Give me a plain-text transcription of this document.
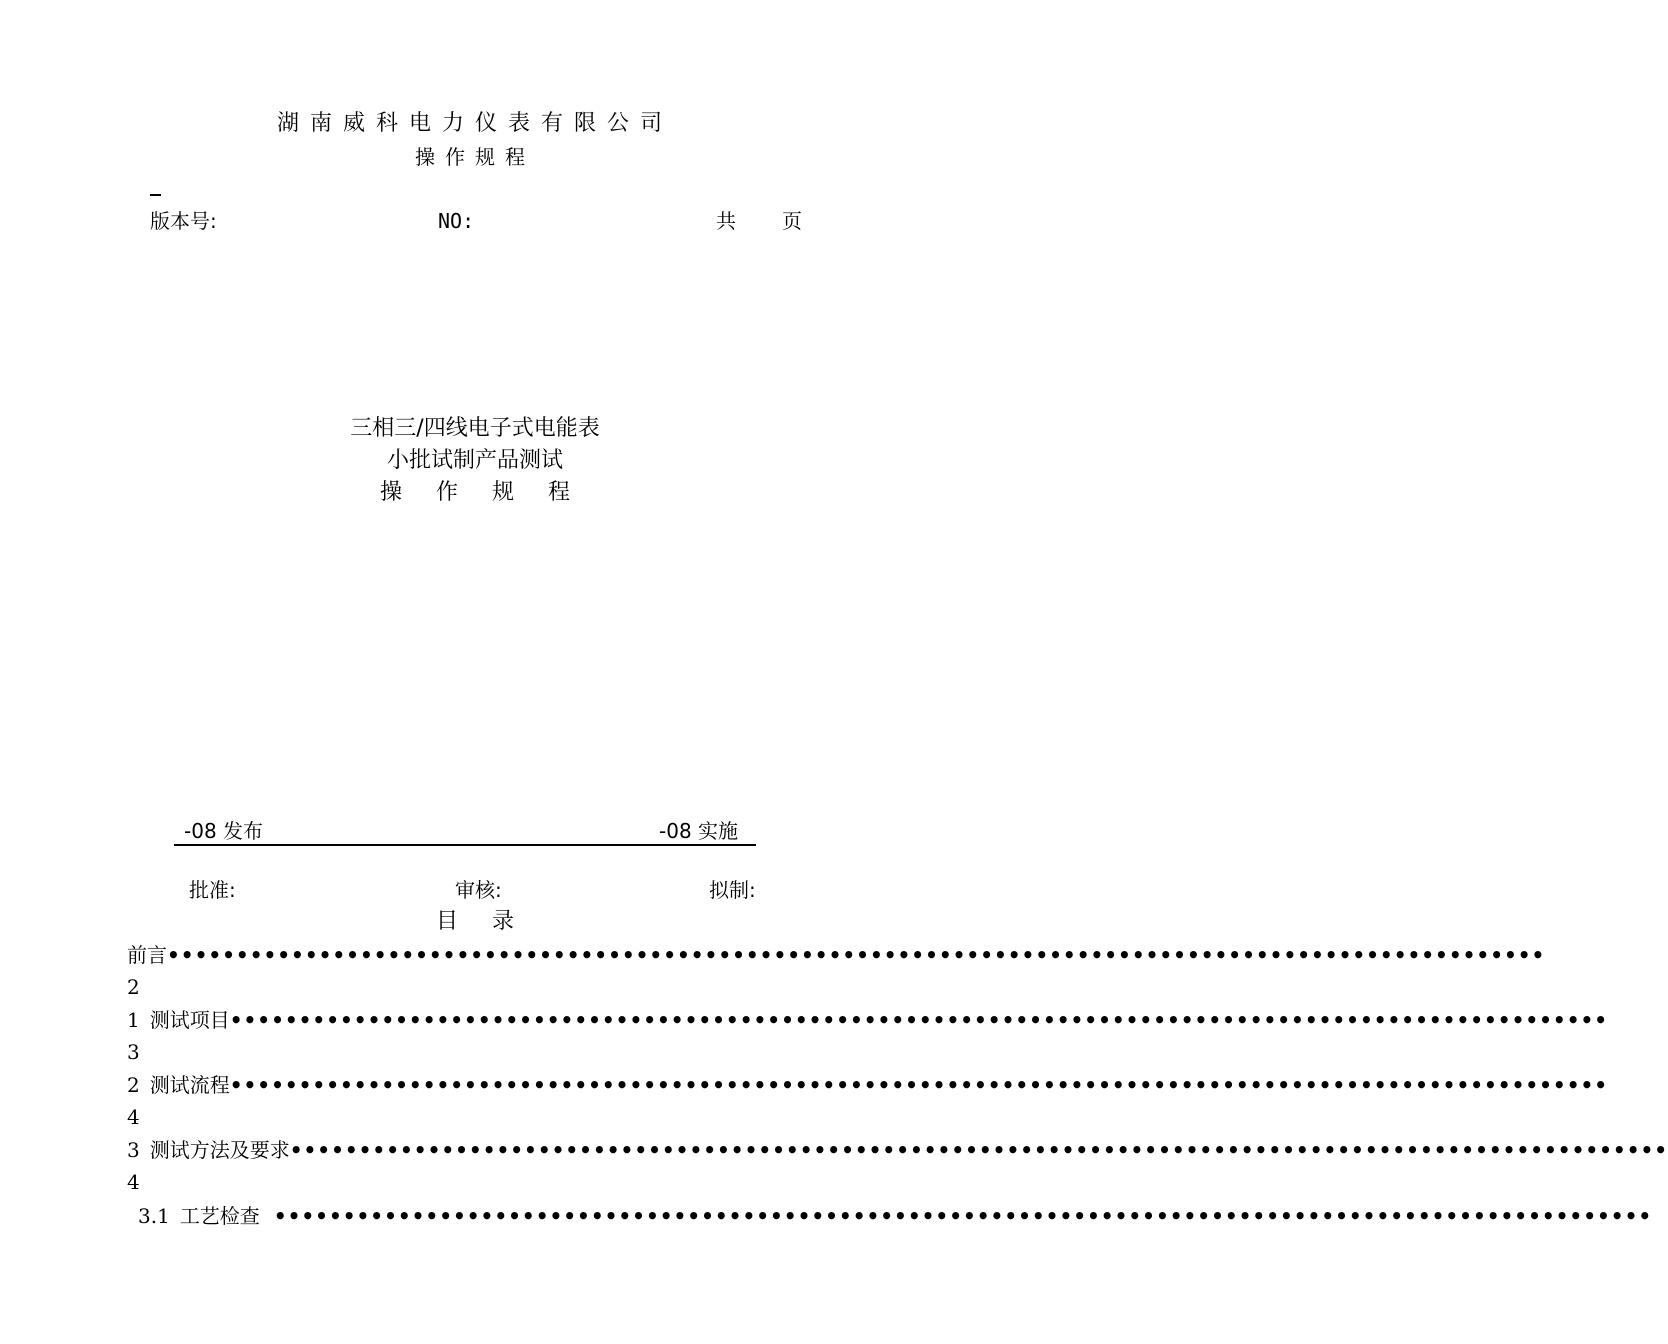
湖南威科电力仪表有限公司
操作规程
版本号:	NO:	共 页
三相三/四线电子式电能表
小批试制产品测试
操作规程
-08 发布	-08 实施
批准:	审核:	拟制:
目录
前言 ••••••••••••••••••••••••••••••••••••••••••••••••••••••••••••••••••••••••••••••••••••••••••••••••••••
2
1 测试项目 ••••••••••••••••••••••••••••••••••••••••••••••••••••••••••••••••••••••••••••••••••••••••••••••••••••
3
2 测试流程 ••••••••••••••••••••••••••••••••••••••••••••••••••••••••••••••••••••••••••••••••••••••••••••••••••••
4
3 测试方法及要求 ••••••••••••••••••••••••••••••••••••••••••••••••••••••••••••••••••••••••••••••••••••••••••••••••••••
4
3.1 工艺检查 ••••••••••••••••••••••••••••••••••••••••••••••••••••••••••••••••••••••••••••••••••••••••••••••••••••
